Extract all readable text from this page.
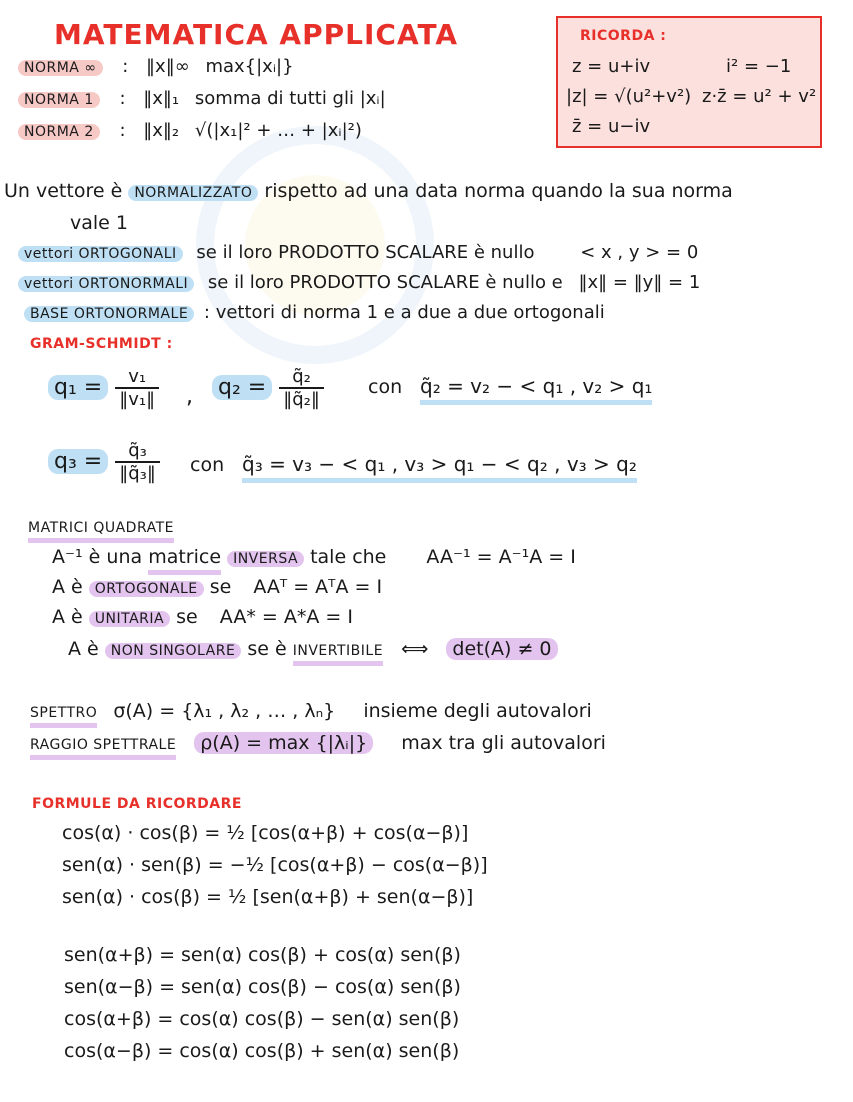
MATEMATICA APPLICATA
NORMA ∞ : ‖x‖∞ max{|xᵢ|}
NORMA 1 : ‖x‖₁ somma di tutti gli |xᵢ|
NORMA 2 : ‖x‖₂ √(|x₁|² + … + |xᵢ|²)
RICORDA :
z = u+iv	i² = −1
|z| = √(u²+v²) z·z̄ = u² + v²
z̄ = u−iv
Un vettore è NORMALIZZATO rispetto ad una data norma quando la sua norma
vale 1
vettori ORTOGONALI se il loro PRODOTTO SCALARE è nullo	< x , y > = 0
vettori ORTONORMALI se il loro PRODOTTO SCALARE è nullo e ‖x‖ = ‖y‖ = 1
BASE ORTONORMALE : vettori di norma 1 e a due a due ortogonali
GRAM-SCHMIDT :
$q_1 = \frac{\text{v₁}}{\text{‖v₁‖}}$ , $q_2 = \frac{\text{q̃₂}}{\text{‖q̃₂‖}}$ con q̃₂ = v₂ − < q₁ , v₂ > q₁
$q_3 = \frac{\text{q̃₃}}{\text{‖q̃₃‖}}$ con q̃₃ = v₃ − < q₁ , v₃ > q₁ − < q₂ , v₃ > q₂
MATRICI QUADRATE
A⁻¹ è una matrice INVERSA tale che AA⁻¹ = A⁻¹A = I
A è ORTOGONALE se AAᵀ = AᵀA = I
A è UNITARIA se AA* = A*A = I
A è NON SINGOLARE se è INVERTIBILE ⟺ det(A) ≠ 0
SPETTRO σ(A) = {λ₁ , λ₂ , … , λₙ} insieme degli autovalori
RAGGIO SPETTRALE ρ(A) = max {|λᵢ|} max tra gli autovalori
FORMULE DA RICORDARE
cos(α) · cos(β) = ½ [cos(α+β) + cos(α−β)]
sen(α) · sen(β) = −½ [cos(α+β) − cos(α−β)]
sen(α) · cos(β) = ½ [sen(α+β) + sen(α−β)]
sen(α+β) = sen(α) cos(β) + cos(α) sen(β)
sen(α−β) = sen(α) cos(β) − cos(α) sen(β)
cos(α+β) = cos(α) cos(β) − sen(α) sen(β)
cos(α−β) = cos(α) cos(β) + sen(α) sen(β)
